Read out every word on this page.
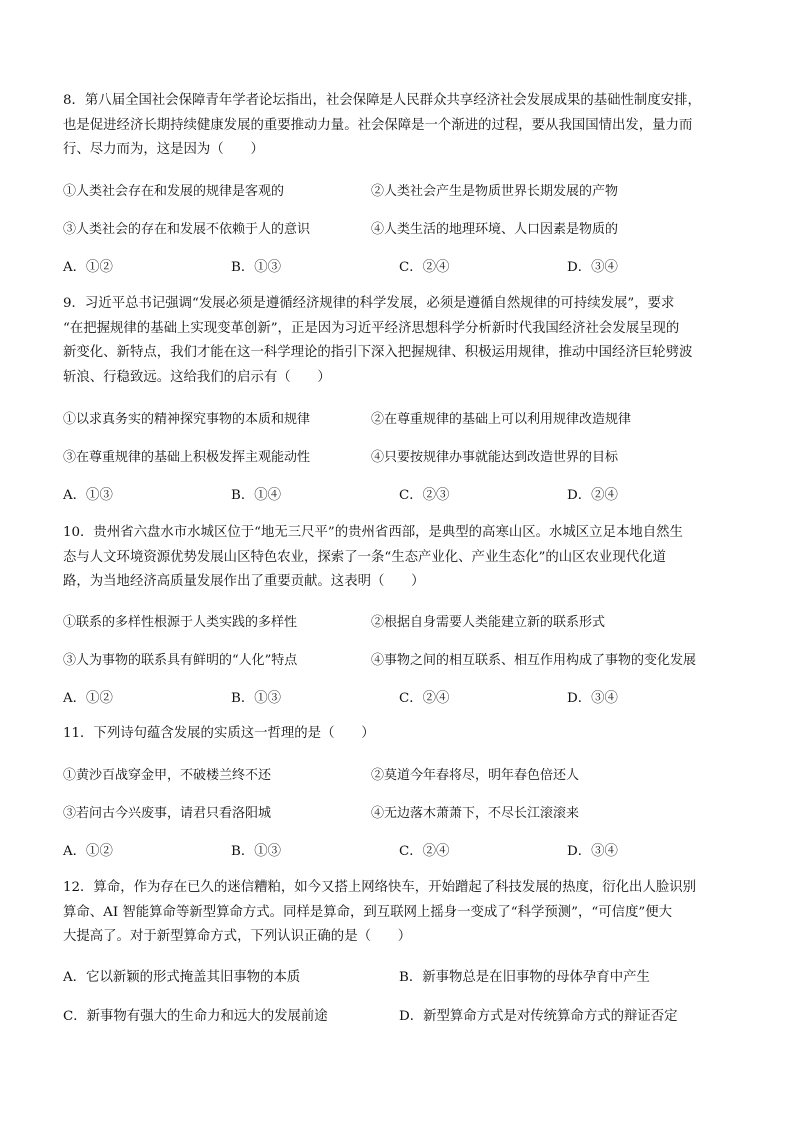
8．第八届全国社会保障青年学者论坛指出，社会保障是人民群众共享经济社会发展成果的基础性制度安排，
也是促进经济长期持续健康发展的重要推动力量。社会保障是一个渐进的过程，要从我国国情出发，量力而
行、尽力而为，这是因为（　　）
①人类社会存在和发展的规律是客观的	②人类社会产生是物质世界长期发展的产物
③人类社会的存在和发展不依赖于人的意识	④人类生活的地理环境、人口因素是物质的
A．①②	B．①③	C．②④	D．③④
9．习近平总书记强调“发展必须是遵循经济规律的科学发展，必须是遵循自然规律的可持续发展”，要求
“在把握规律的基础上实现变革创新”，正是因为习近平经济思想科学分析新时代我国经济社会发展呈现的
新变化、新特点，我们才能在这一科学理论的指引下深入把握规律、积极运用规律，推动中国经济巨轮劈波
斩浪、行稳致远。这给我们的启示有（　　）
①以求真务实的精神探究事物的本质和规律	②在尊重规律的基础上可以利用规律改造规律
③在尊重规律的基础上积极发挥主观能动性	④只要按规律办事就能达到改造世界的目标
A．①③	B．①④	C．②③	D．②④
10．贵州省六盘水市水城区位于“地无三尺平”的贵州省西部，是典型的高寒山区。水城区立足本地自然生
态与人文环境资源优势发展山区特色农业，探索了一条“生态产业化、产业生态化”的山区农业现代化道
路，为当地经济高质量发展作出了重要贡献。这表明（　　）
①联系的多样性根源于人类实践的多样性	②根据自身需要人类能建立新的联系形式
③人为事物的联系具有鲜明的“人化”特点	④事物之间的相互联系、相互作用构成了事物的变化发展
A．①②	B．①③	C．②④	D．③④
11．下列诗句蕴含发展的实质这一哲理的是（　　）
①黄沙百战穿金甲，不破楼兰终不还	②莫道今年春将尽，明年春色倍还人
③若问古今兴废事，请君只看洛阳城	④无边落木萧萧下，不尽长江滚滚来
A．①②	B．①③	C．②④	D．③④
12．算命，作为存在已久的迷信糟粕，如今又搭上网络快车，开始蹭起了科技发展的热度，衍化出人脸识别
算命、AI 智能算命等新型算命方式。同样是算命，到互联网上摇身一变成了“科学预测”，“可信度”便大
大提高了。对于新型算命方式，下列认识正确的是（　　）
A．它以新颖的形式掩盖其旧事物的本质	B．新事物总是在旧事物的母体孕育中产生
C．新事物有强大的生命力和远大的发展前途	D．新型算命方式是对传统算命方式的辩证否定
